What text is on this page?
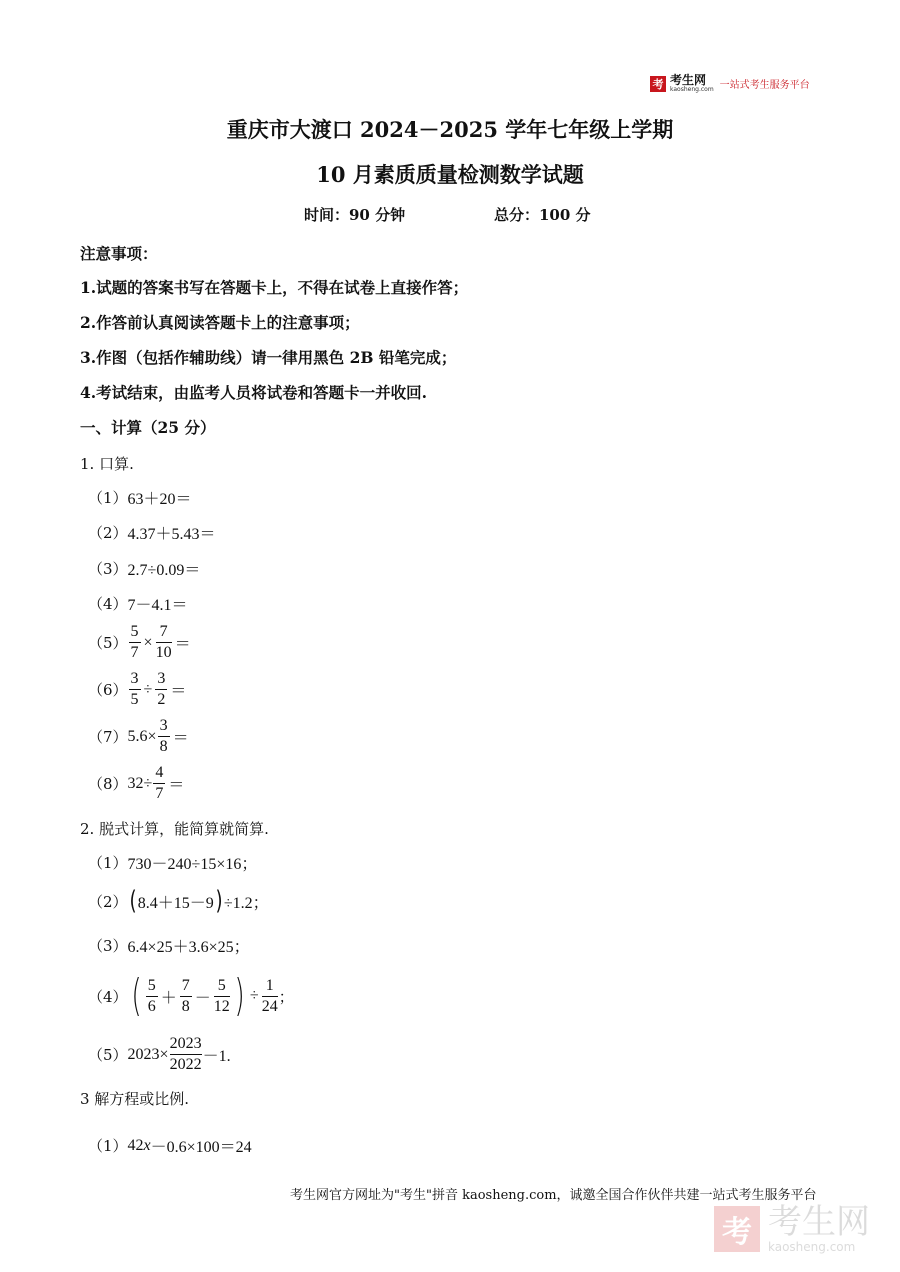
考 考生网
kaosheng.com 一站式考生服务平台
重庆市大渡口 2024－2025 学年七年级上学期
10 月素质质量检测数学试题
时间：90 分钟	总分：100 分
注意事项：
1.试题的答案书写在答题卡上，不得在试卷上直接作答；
2.作答前认真阅读答题卡上的注意事项；
3.作图（包括作辅助线）请一律用黑色 2B 铅笔完成；
4.考试结束，由监考人员将试卷和答题卡一并收回.
一、计算（25 分）
1. 口算.
（1） 63＋20＝
（2） 4.37＋5.43＝
（3） 2.7÷0.09＝
（4） 7－4.1＝
$(5) \frac{5}{7} \times \frac{7}{10}$ ＝
$(6) \frac{3}{5} \div \frac{3}{2}$ ＝
（7） $5.6\times \frac{3}{8}$ ＝
（8） $32\div \frac{4}{7}$ ＝
2. 脱式计算，能简算就简算.
（1） 730－240÷15×16；
（2） ( 8.4＋15－9 ) ÷1.2；
（3） 6.4×25＋3.6×25；
（4） ( $\frac{5}{6} + \frac{7}{8} - \frac{5}{12}$ ) ÷ $\frac{1}{24}$ ；
（5） $2023\times \frac{2023}{2022} -1$.
3 解方程或比例.
（1） 42 x －0.6×100＝24
考生网官方网址为"考生"拼音 kaosheng.com，诚邀全国合作伙伴共建一站式考生服务平台
考 考生网
kaosheng.com
